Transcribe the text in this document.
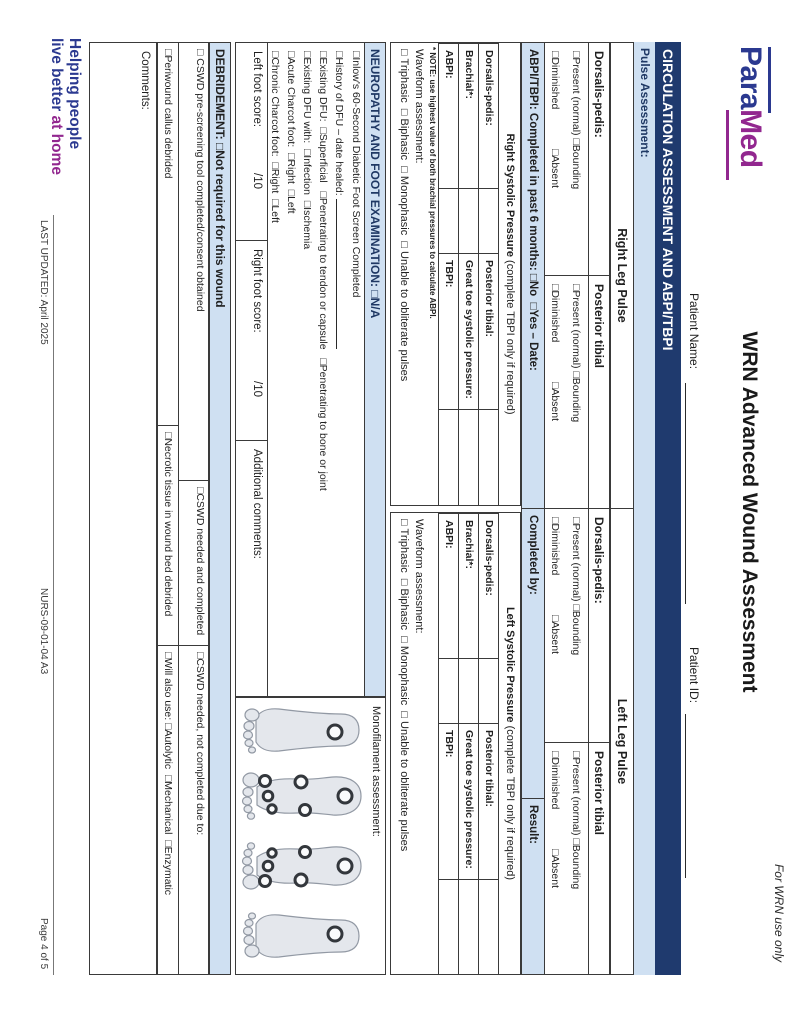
For WRN use only
ParaMed
WRN Advanced Wound Assessment
Patient Name:
Patient ID:
CIRCULATION ASSESSMENT AND ABPI/TBPI
Pulse Assessment:
Right Leg Pulse
Left Leg Pulse
Dorsalis-pedis:
Posterior tibial
Dorsalis-pedis:
Posterior tibial
□Present (normal) □Bounding
□Diminished□Absent
□Present (normal) □Bounding
□Diminished□Absent
□Present (normal) □Bounding
□Diminished□Absent
□Present (normal) □Bounding
□Diminished□Absent
ABPI/TBPI: Completed in past 6 months: □No  □Yes – Date:
Completed by:
Result:
Right Systolic Pressure (complete TBPI only if required)
Dorsalis-pedis:
Posterior tibial:
Brachial*:
Great toe systolic pressure:
ABPI:
TBPI:
* NOTE: use highest value of both brachial pressures to calculate ABPI.
Waveform assessment:
□ Triphasic  □ Biphasic  □ Monophasic  □ Unable to obliterate pulses
Left Systolic Pressure (complete TBPI only if required)
Dorsalis-pedis:
Posterior tibial:
Brachial*:
Great toe systolic pressure:
ABPI:
TBPI:
Waveform assessment:
□ Triphasic  □ Biphasic  □ Monophasic  □ Unable to obliterate pulses
NEUROPATHY AND FOOT EXAMINATION: □N/A
Monofilament assessment:
□Inlow's 60-Second Diabetic Foot Screen Completed
□History of DFU – date healed:
□Existing DFU:  □Superficial   □Penetrating to tendon or capsule   □Penetrating to bone or joint
□Existing DFU with:  □Infection  □Ischemia
□Acute Charcot foot:  □Right  □Left
□Chronic Charcot foot:  □Right  □Left
Left foot score:
/10
Right foot score:
/10
Additional comments:
DEBRIDEMENT: □Not required for this wound
□ CSWD pre-screening tool completed/consent obtained
□CSWD needed and completed
□CSWD needed, not completed due to:
□Periwound callus debrided
□Necrotic tissue in wound bed debrided
□Will also use: □Autolytic  □Mechanical  □Enzymatic
Comments:
LAST UPDATED: April 2025
NURS-09-01-04 A3
Page 4 of 5
Helping people
live better at home
